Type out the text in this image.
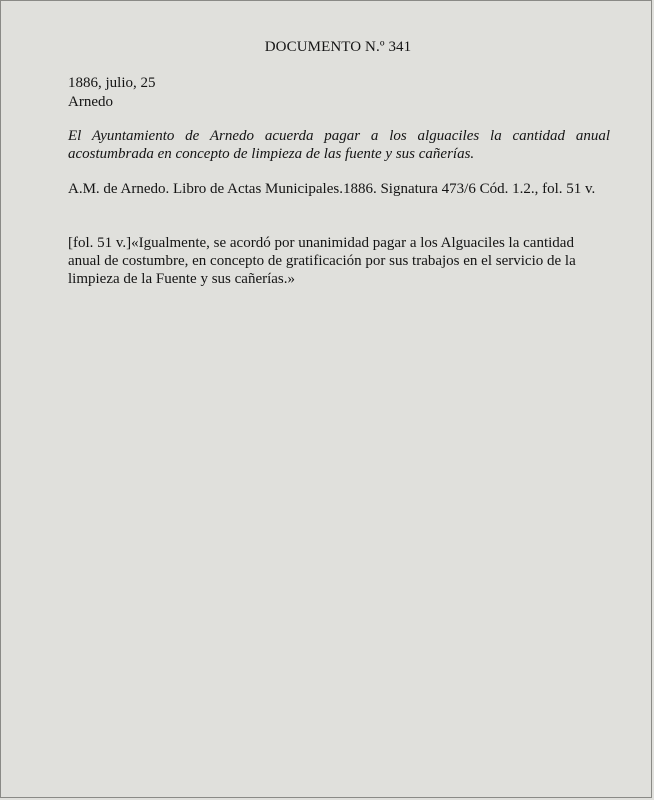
DOCUMENTO N.º 341
1886, julio, 25
Arnedo
El Ayuntamiento de Arnedo acuerda pagar a los alguaciles la cantidad anual
acostumbrada en concepto de limpieza de las fuente y sus cañerías.
A.M. de Arnedo. Libro de Actas Municipales.1886. Signatura 473/6 Cód. 1.2., fol. 51 v.
[fol. 51 v.]«Igualmente, se acordó por unanimidad pagar a los Alguaciles la cantidad
anual de costumbre, en concepto de gratificación por sus trabajos en el servicio de la
limpieza de la Fuente y sus cañerías.»
